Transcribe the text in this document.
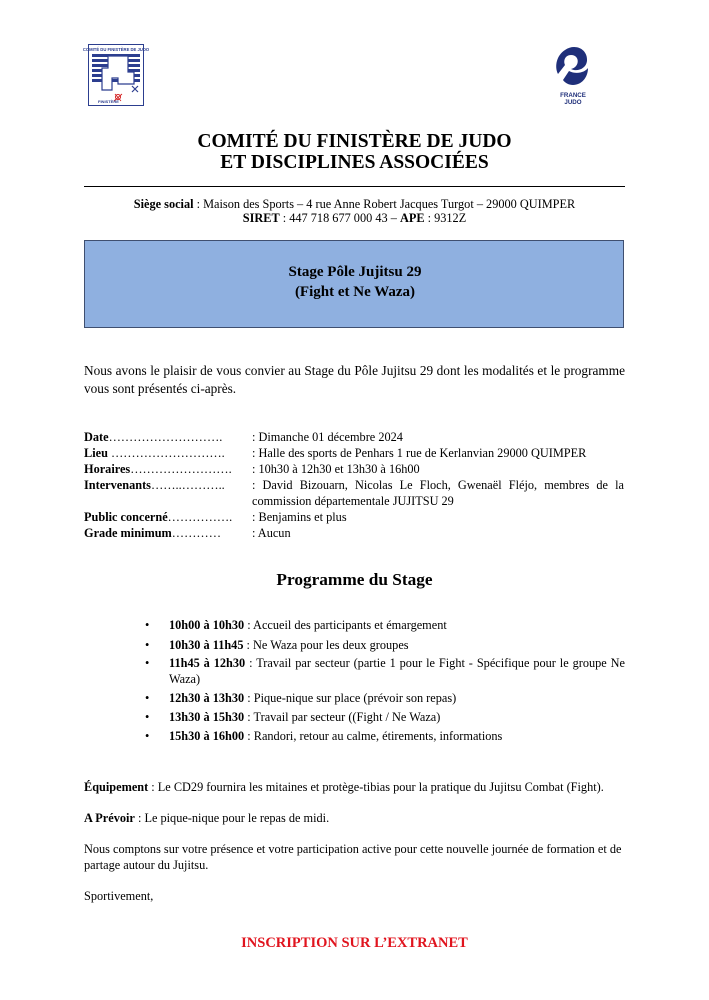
COMITÉ DU FINISTÈRE DE JUDO
FINISTÈRE
FRANCE
JUDO
COMITÉ DU FINISTÈRE DE JUDO
ET DISCIPLINES ASSOCIÉES
Siège social : Maison des Sports – 4 rue Anne Robert Jacques Turgot – 29000 QUIMPER
SIRET : 447 718 677 000 43 – APE : 9312Z
Stage Pôle Jujitsu 29
(Fight et Ne Waza)
Nous avons le plaisir de vous convier au Stage du Pôle Jujitsu 29 dont les modalités et le programme vous sont présentés ci-après.
Date………………………. : Dimanche 01 décembre 2024
Lieu ………………………. : Halle des sports de Penhars 1 rue de Kerlanvian 29000 QUIMPER
Horaires……………………. : 10h30 à 12h30 et 13h30 à 16h00
Intervenants……..……….. : David Bizouarn, Nicolas Le Floch, Gwenaël Fléjo, membres de la commission départementale JUJITSU 29
Public concerné……………. : Benjamins et plus
Grade minimum…………	: Aucun
Programme du Stage
• 10h00 à 10h30 : Accueil des participants et émargement
• 10h30 à 11h45 : Ne Waza pour les deux groupes
• 11h45 à 12h30 : Travail par secteur (partie 1 pour le Fight - Spécifique pour le groupe Ne Waza)
• 12h30 à 13h30 : Pique-nique sur place (prévoir son repas)
• 13h30 à 15h30 : Travail par secteur ((Fight / Ne Waza)
• 15h30 à 16h00 : Randori, retour au calme, étirements, informations
Équipement : Le CD29 fournira les mitaines et protège-tibias pour la pratique du Jujitsu Combat (Fight).
A Prévoir : Le pique-nique pour le repas de midi.
Nous comptons sur votre présence et votre participation active pour cette nouvelle journée de formation et de partage autour du Jujitsu.
Sportivement,
INSCRIPTION SUR L’EXTRANET
